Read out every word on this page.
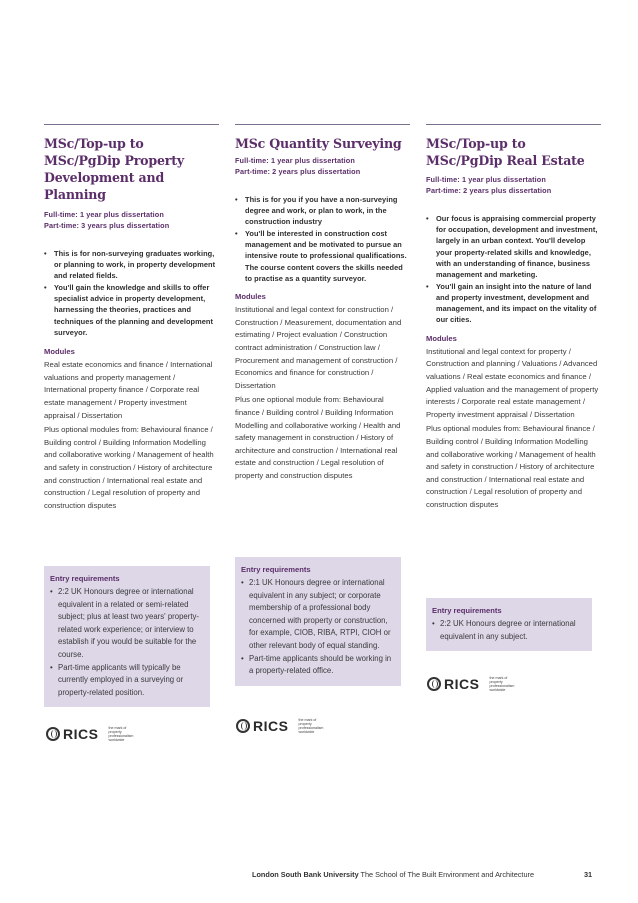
MSc/Top-up to MSc/PgDip Property Development and Planning
Full-time: 1 year plus dissertation
Part-time: 3 years plus dissertation
• This is for non-surveying graduates working, or planning to work, in property development and related fields.
• You'll gain the knowledge and skills to offer specialist advice in property development, harnessing the theories, practices and techniques of the planning and development surveyor.
Modules
Real estate economics and finance / International valuations and property management / International property finance / Corporate real estate management / Property investment appraisal / Dissertation
Plus optional modules from: Behavioural finance / Building control / Building Information Modelling and collaborative working / Management of health and safety in construction / History of architecture and construction / International real estate and construction / Legal resolution of property and construction disputes
Entry requirements
• 2:2 UK Honours degree or international equivalent in a related or semi-related subject; plus at least two years' property-related work experience; or interview to establish if you would be suitable for the course.
• Part-time applicants will typically be currently employed in a surveying or property-related position.
RICS	the mark of property professionalism worldwide
MSc Quantity Surveying
Full-time: 1 year plus dissertation
Part-time: 2 years plus dissertation
• This is for you if you have a non-surveying degree and work, or plan to work, in the construction industry
• You'll be interested in construction cost management and be motivated to pursue an intensive route to professional qualifications. The course content covers the skills needed to practise as a quantity surveyor.
Modules
Institutional and legal context for construction / Construction / Measurement, documentation and estimating / Project evaluation / Construction contract administration / Construction law / Procurement and management of construction / Economics and finance for construction / Dissertation
Plus one optional module from: Behavioural finance / Building control / Building Information Modelling and collaborative working / Health and safety management in construction / History of architecture and construction / International real estate and construction / Legal resolution of property and construction disputes
Entry requirements
• 2:1 UK Honours degree or international equivalent in any subject; or corporate membership of a professional body concerned with property or construction, for example, CIOB, RIBA, RTPI, CIOH or other relevant body of equal standing.
• Part-time applicants should be working in a property-related office.
RICS	the mark of property professionalism worldwide
MSc/Top-up to MSc/PgDip Real Estate
Full-time: 1 year plus dissertation
Part-time: 2 years plus dissertation
• Our focus is appraising commercial property for occupation, development and investment, largely in an urban context. You'll develop your property-related skills and knowledge, with an understanding of finance, business management and marketing.
• You'll gain an insight into the nature of land and property investment, development and management, and its impact on the vitality of our cities.
Modules
Institutional and legal context for property / Construction and planning / Valuations / Advanced valuations / Real estate economics and finance / Applied valuation and the management of property interests / Corporate real estate management / Property investment appraisal / Dissertation
Plus optional modules from: Behavioural finance / Building control / Building Information Modelling and collaborative working / Management of health and safety in construction / History of architecture and construction / International real estate and construction / Legal resolution of property and construction disputes
Entry requirements
• 2:2 UK Honours degree or international equivalent in any subject.
RICS	the mark of property professionalism worldwide
London South Bank University The School of The Built Environment and Architecture	31
